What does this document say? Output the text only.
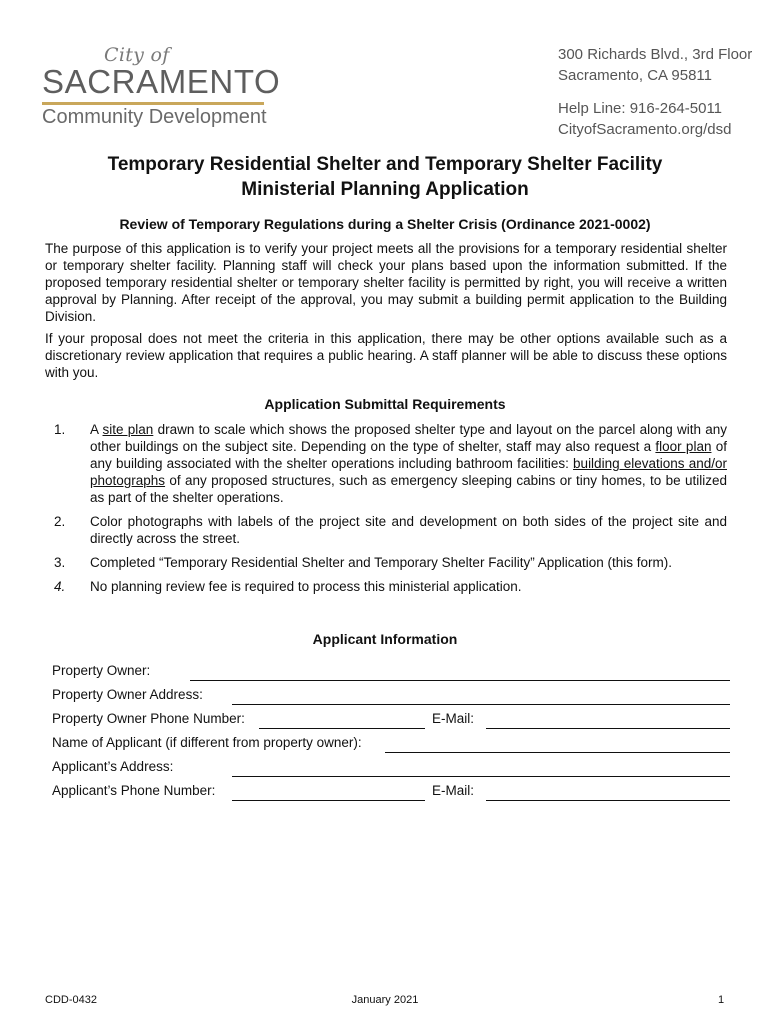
City of
SACRAMENTO
Community Development
300 Richards Blvd., 3rd Floor
Sacramento, CA 95811
Help Line: 916-264-5011
CityofSacramento.org/dsd
Temporary Residential Shelter and Temporary Shelter Facility
Ministerial Planning Application
Review of Temporary Regulations during a Shelter Crisis (Ordinance 2021-0002)
The purpose of this application is to verify your project meets all the provisions for a temporary residential shelter or temporary shelter facility. Planning staff will check your plans based upon the information submitted. If the proposed temporary residential shelter or temporary shelter facility is permitted by right, you will receive a written approval by Planning. After receipt of the approval, you may submit a building permit application to the Building Division.
If your proposal does not meet the criteria in this application, there may be other options available such as a discretionary review application that requires a public hearing. A staff planner will be able to discuss these options with you.
Application Submittal Requirements
1.	A site plan drawn to scale which shows the proposed shelter type and layout on the parcel along with any other buildings on the subject site. Depending on the type of shelter, staff may also request a floor plan of any building associated with the shelter operations including bathroom facilities: building elevations and/or photographs of any proposed structures, such as emergency sleeping cabins or tiny homes, to be utilized as part of the shelter operations.
2.	Color photographs with labels of the project site and development on both sides of the project site and directly across the street.
3.	Completed “Temporary Residential Shelter and Temporary Shelter Facility” Application (this form).
4.	No planning review fee is required to process this ministerial application.
Applicant Information
Property Owner:
Property Owner Address:
Property Owner Phone Number:	E-Mail:
Name of Applicant (if different from property owner):
Applicant’s Address:
Applicant’s Phone Number:	E-Mail:
CDD-0432	January 2021	1
